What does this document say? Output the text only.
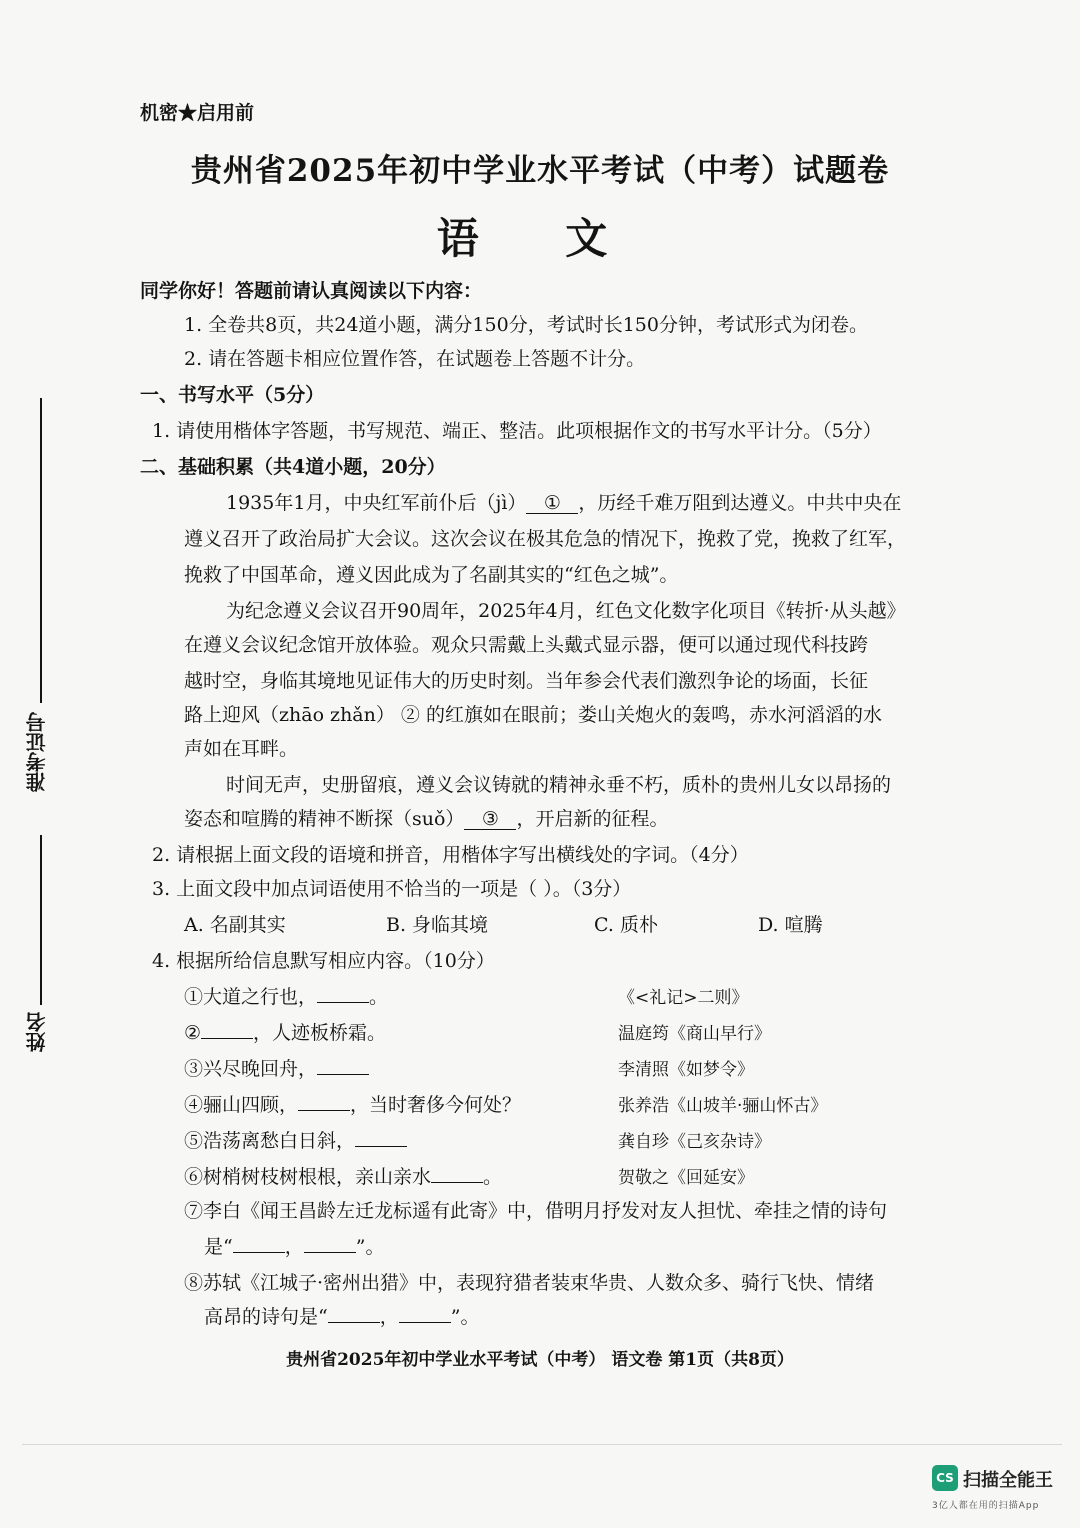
机密★启用前
贵州省2025年初中学业水平考试（中考）试题卷
语 文
同学你好！答题前请认真阅读以下内容：
1. 全卷共8页，共24道小题，满分150分，考试时长150分钟，考试形式为闭卷。
2. 请在答题卡相应位置作答，在试题卷上答题不计分。
一、书写水平（5分）
1. 请使用楷体字答题，书写规范、端正、整洁。此项根据作文的书写水平计分。（5分）
二、基础积累（共4道小题，20分）
1935年1月，中央红军前仆后（jì） ① ，历经千难万阻到达遵义。中共中央在
遵义召开了政治局扩大会议。这次会议在极其危急的情况下，挽救了党，挽救了红军，
挽救了中国革命，遵义因此成为了名副其实的“红色之城”。
为纪念遵义会议召开90周年，2025年4月，红色文化数字化项目《转折·从头越》
在遵义会议纪念馆开放体验。观众只需戴上头戴式显示器，便可以通过现代科技跨
越时空，身临其境地见证伟大的历史时刻。当年参会代表们激烈争论的场面，长征
路上迎风（zhāo zhǎn） ② 的红旗如在眼前；娄山关炮火的轰鸣，赤水河滔滔的水
声如在耳畔。
时间无声，史册留痕，遵义会议铸就的精神永垂不朽，质朴的贵州儿女以昂扬的
姿态和喧腾的精神不断探（suǒ） ③ ，开启新的征程。
2. 请根据上面文段的语境和拼音，用楷体字写出横线处的字词。（4分）
3. 上面文段中加点词语使用不恰当的一项是（ ）。（3分）
A. 名副其实	B. 身临其境	C. 质朴	D. 喧腾
4. 根据所给信息默写相应内容。（10分）
①大道之行也，	。	《<礼记>二则》
②	，人迹板桥霜。	温庭筠《商山早行》
③兴尽晚回舟，	李清照《如梦令》
④骊山四顾，	，当时奢侈今何处？	张养浩《山坡羊·骊山怀古》
⑤浩荡离愁白日斜，	龚自珍《己亥杂诗》
⑥树梢树枝树根根，亲山亲水	。	贺敬之《回延安》
⑦李白《闻王昌龄左迁龙标遥有此寄》中，借明月抒发对友人担忧、牵挂之情的诗句
是“	，	”。
⑧苏轼《江城子·密州出猎》中，表现狩猎者装束华贵、人数众多、骑行飞快、情绪
高昂的诗句是“	，	”。
准考证号
姓名
贵州省2025年初中学业水平考试（中考） 语文卷 第1页（共8页）
CS 扫描全能王
3亿人都在用的扫描App
